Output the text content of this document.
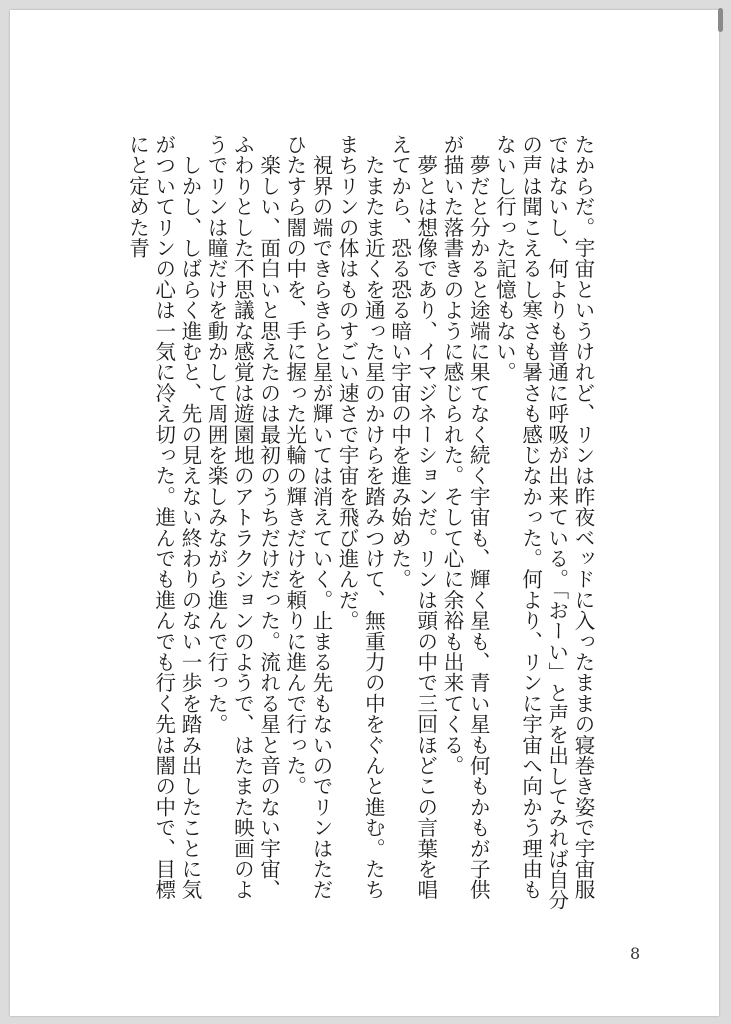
たからだ。宇宙というけれど、リンは昨夜ベッドに入ったままの寝巻き姿で宇宙服ではないし、何よりも普通に呼吸が出来ている。「おーい」と声を出してみれば自分の声は聞こえるし寒さも暑さも感じなかった。何より、リンに宇宙へ向かう理由もないし行った記憶もない。

　夢だと分かると途端に果てなく続く宇宙も、輝く星も、青い星も何もかもが子供が描いた落書きのように感じられた。そして心に余裕も出来てくる。

　夢とは想像であり、イマジネーションだ。リンは頭の中で三回ほどこの言葉を唱えてから、恐る恐る暗い宇宙の中を進み始めた。

　たまたま近くを通った星のかけらを踏みつけて、無重力の中をぐんと進む。たちまちリンの体はものすごい速さで宇宙を飛び進んだ。

　視界の端できらきらと星が輝いては消えていく。止まる先もないのでリンはただひたすら闇の中を、手に握った光輪の輝きだけを頼りに進んで行った。

　楽しい、面白いと思えたのは最初のうちだけだった。流れる星と音のない宇宙、ふわりとした不思議な感覚は遊園地のアトラクションのようで、はたまた映画のようでリンは瞳だけを動かして周囲を楽しみながら進んで行った。

　しかし、しばらく進むと、先の見えない終わりのない一歩を踏み出したことに気がついてリンの心は一気に冷え切った。進んでも進んでも行く先は闇の中で、目標にと定めた青

8
